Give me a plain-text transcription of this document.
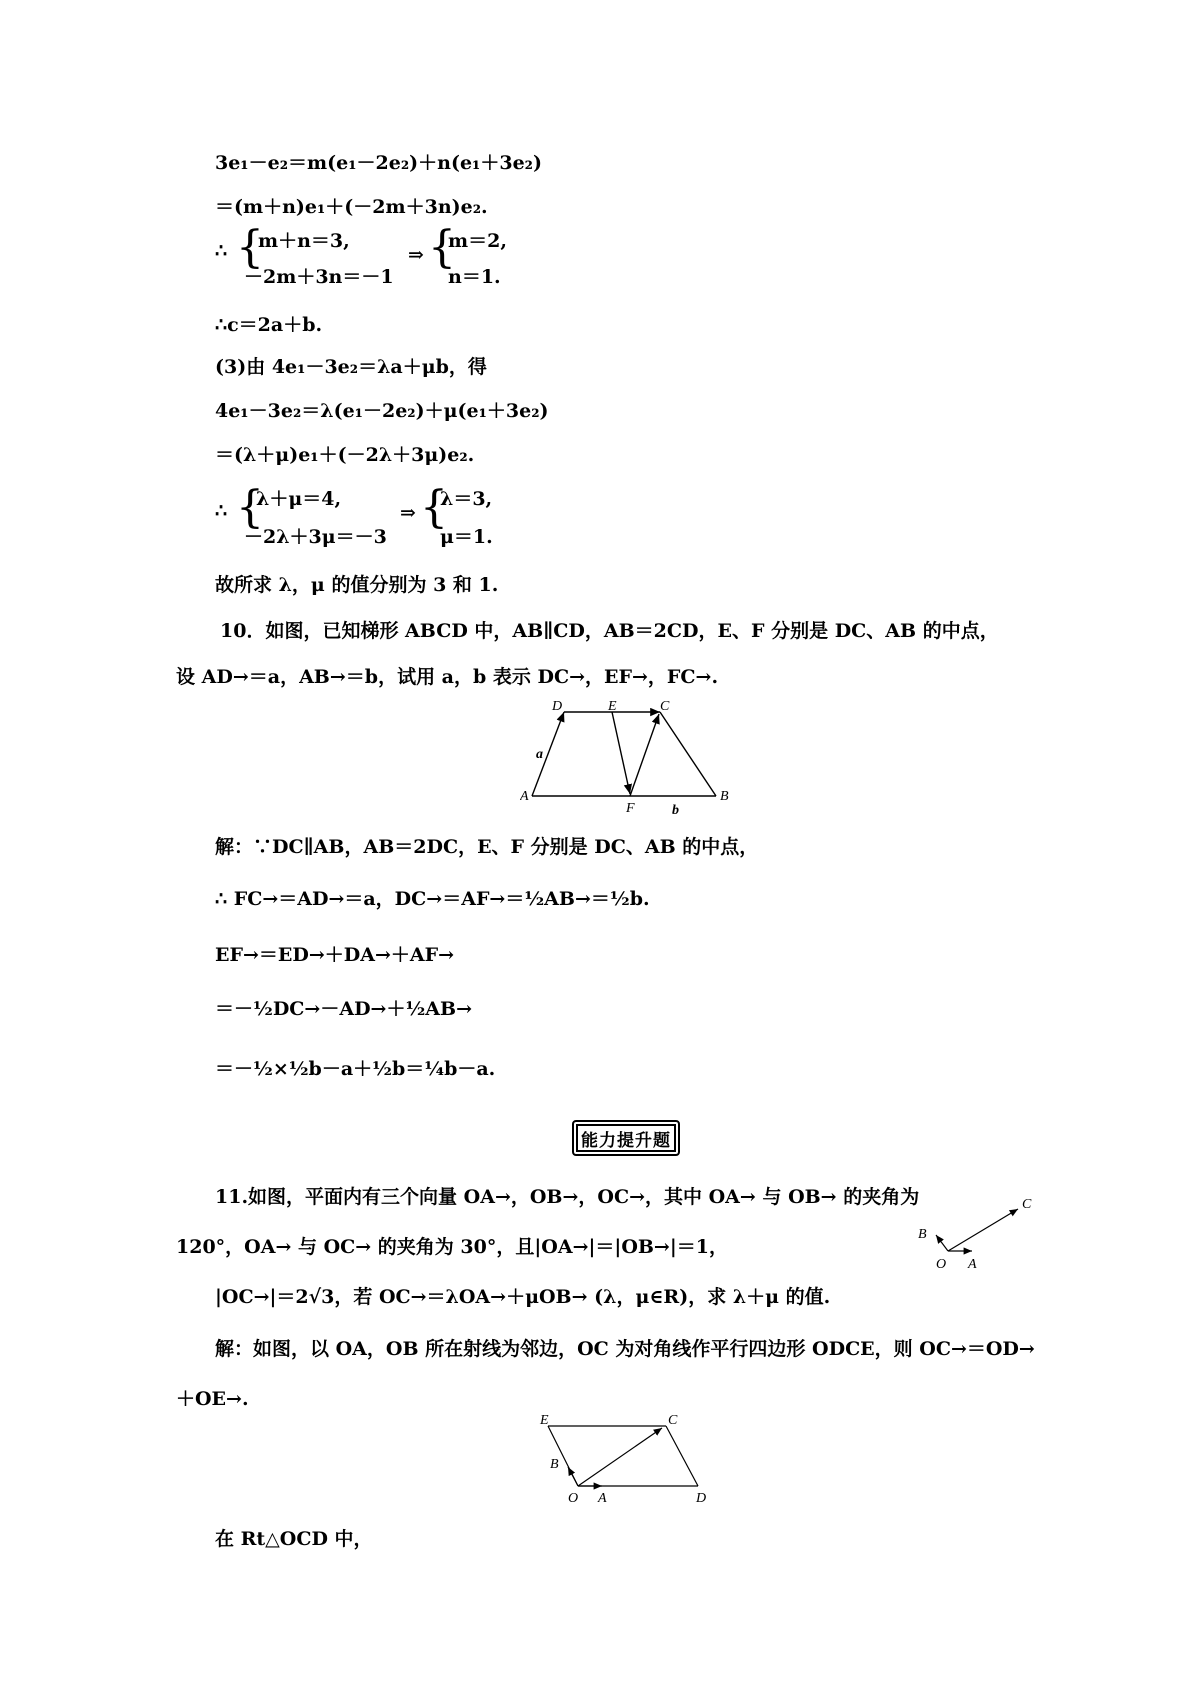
3e₁－e₂＝m(e₁－2e₂)＋n(e₁＋3e₂)
＝(m＋n)e₁＋(－2m＋3n)e₂.
∴ {
m＋n＝3,
－2m＋3n＝－1
⇒ {
m＝2,
n＝1.
∴c＝2a＋b.
(3)由 4e₁－3e₂＝λa＋μb，得
4e₁－3e₂＝λ(e₁－2e₂)＋μ(e₁＋3e₂)
＝(λ＋μ)e₁＋(－2λ＋3μ)e₂.
∴ {
λ＋μ＝4,
－2λ＋3μ＝－3
⇒ {
λ＝3,
μ＝1.
故所求 λ，μ 的值分别为 3 和 1.
10．如图，已知梯形 ABCD 中，AB∥CD，AB＝2CD，E、F 分别是 DC、AB 的中点，
设 AD→＝a，AB→＝b，试用 a，b 表示 DC→，EF→，FC→.
D	E	C
A
F
B
a
b
解：∵DC∥AB，AB＝2DC，E、F 分别是 DC、AB 的中点，
∴ FC→＝AD→＝a，DC→＝AF→＝½AB→＝½b.
EF→＝ED→＋DA→＋AF→
＝－½DC→－AD→＋½AB→
＝－½×½b－a＋½b＝¼b－a.
能力提升题
11.如图，平面内有三个向量 OA→，OB→，OC→，其中 OA→ 与 OB→ 的夹角为
120°，OA→ 与 OC→ 的夹角为 30°，且|OA→|＝|OB→|＝1，
|OC→|＝2√3，若 OC→＝λOA→＋μOB→ (λ，μ∈R)，求 λ＋μ 的值.
B
O A
C
解：如图，以 OA，OB 所在射线为邻边，OC 为对角线作平行四边形 ODCE，则 OC→＝OD→
＋OE→.
E	C
B
O A	D
在 Rt△OCD 中，
